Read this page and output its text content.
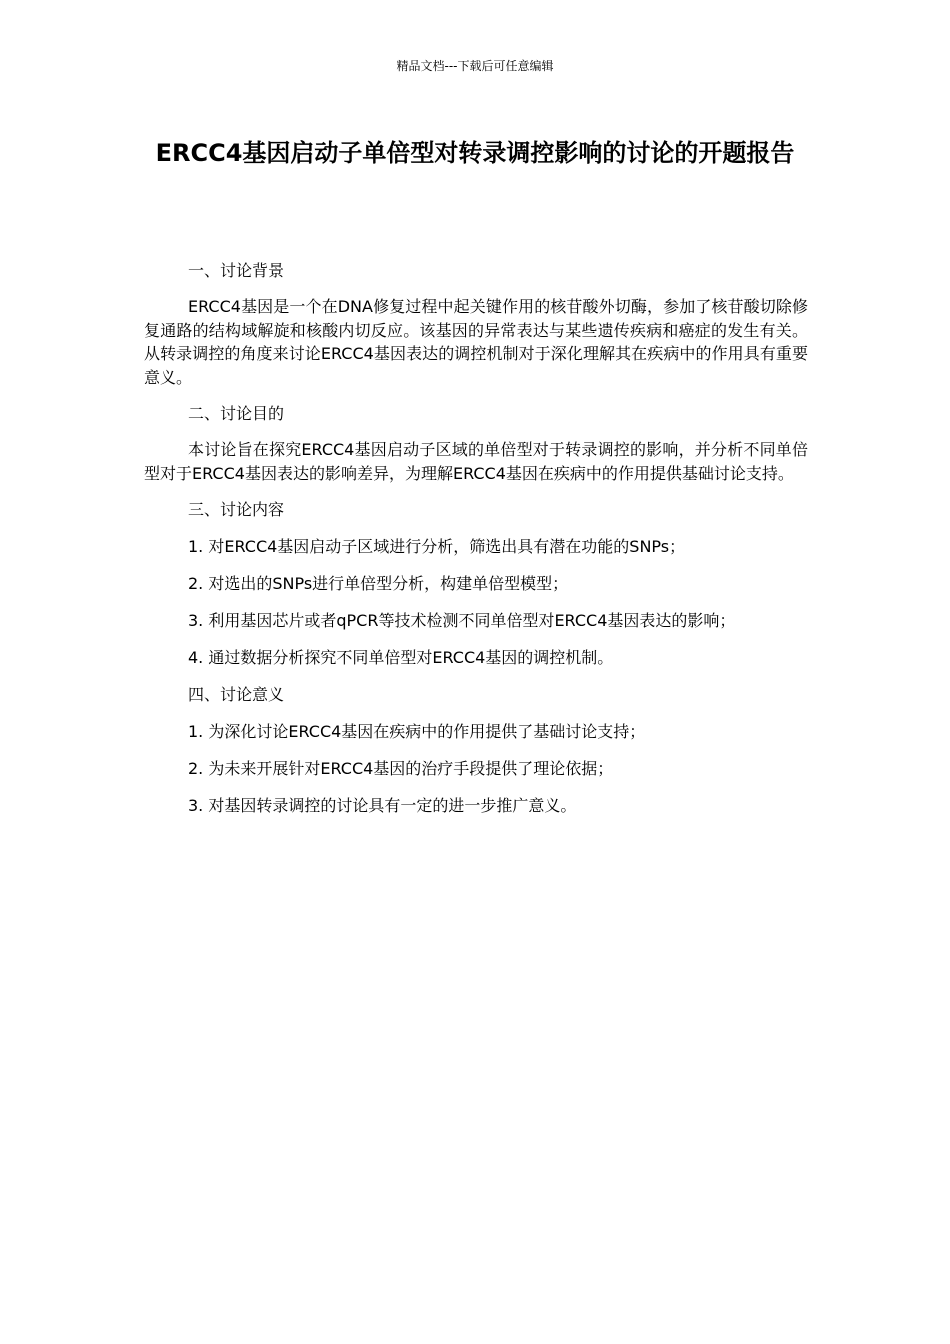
精品文档---下载后可任意编辑
ERCC4基因启动子单倍型对转录调控影响的讨论的开题报告

一、讨论背景

ERCC4基因是一个在DNA修复过程中起关键作用的核苷酸外切酶，参加了核苷酸切除修复通路的结构域解旋和核酸内切反应。该基因的异常表达与某些遗传疾病和癌症的发生有关。从转录调控的角度来讨论ERCC4基因表达的调控机制对于深化理解其在疾病中的作用具有重要意义。

二、讨论目的

本讨论旨在探究ERCC4基因启动子区域的单倍型对于转录调控的影响，并分析不同单倍型对于ERCC4基因表达的影响差异，为理解ERCC4基因在疾病中的作用提供基础讨论支持。

三、讨论内容

1. 对ERCC4基因启动子区域进行分析，筛选出具有潜在功能的SNPs；

2. 对选出的SNPs进行单倍型分析，构建单倍型模型；

3. 利用基因芯片或者qPCR等技术检测不同单倍型对ERCC4基因表达的影响；

4. 通过数据分析探究不同单倍型对ERCC4基因的调控机制。

四、讨论意义

1. 为深化讨论ERCC4基因在疾病中的作用提供了基础讨论支持；

2. 为未来开展针对ERCC4基因的治疗手段提供了理论依据；

3. 对基因转录调控的讨论具有一定的进一步推广意义。
